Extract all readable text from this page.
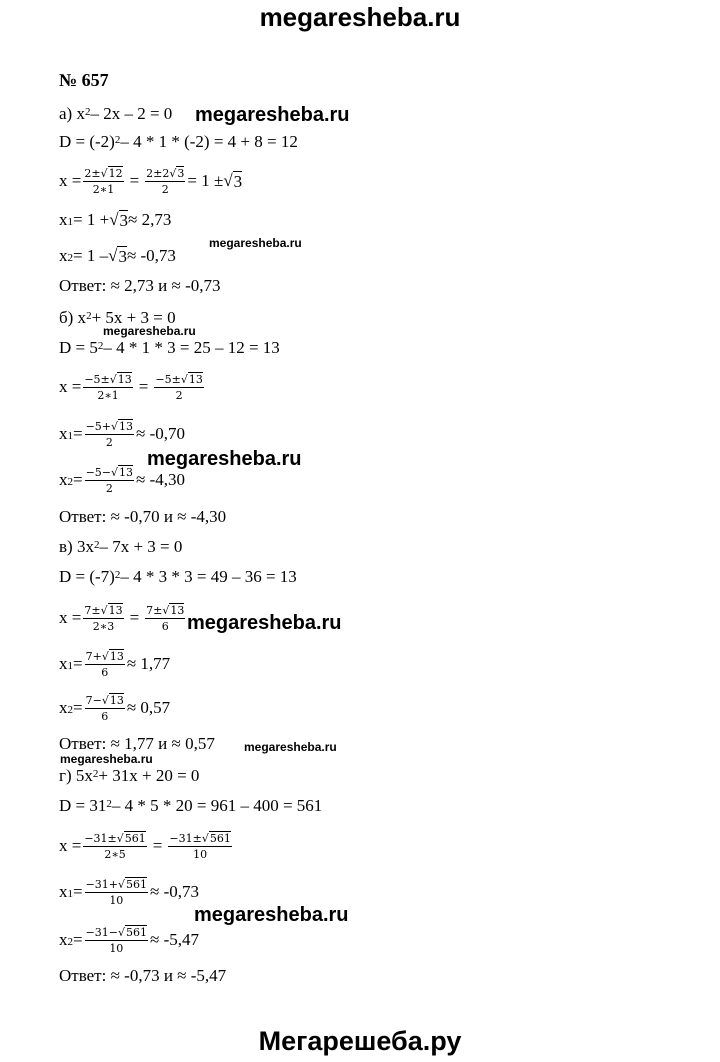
megaresheba.ru
№ 657
а) $x^2 - 2x - 2 = 0$
$D = (-2)^2 - 4 * 1 * (-2) = 4 + 8 = 12$
$x = \frac{2\pm√12}{2∗1} = \frac{2\pm 2√3}{2} = 1$ ± √ 3
$x_1 = 1$ + √ 3 ≈ 2,73
$x_2 = 1$ – √ 3 ≈ -0,73
Ответ: ≈ 2,73 и ≈ -0,73
б) $x^2 + 5x + 3 = 0$
$D = 5^2 - 4 * 1 * 3 = 25 - 12 = 13$
$x = \frac{-5\pm√13}{2∗1} = \frac{-5\pm√13}{2}$
$x_1 = \frac{-5+√13}{2} \approx -0,70$
$x_2 = \frac{-5-√13}{2} \approx -4,30$
Ответ: ≈ -0,70 и ≈ -4,30
в) $3x^2 - 7x + 3 = 0$
$D = (-7)^2 - 4 * 3 * 3 = 49 - 36 = 13$
$x = \frac{7\pm√13}{2∗3} = \frac{7\pm√13}{6}$
$x_1 = \frac{7+√13}{6} \approx 1,77$
$x_2 = \frac{7-√13}{6} \approx 0,57$
Ответ: ≈ 1,77 и ≈ 0,57
г) $5x^2 + 31x + 20 = 0$
$D = 31^2 - 4 * 5 * 20 = 961 - 400 = 561$
$x = \frac{-31\pm√561}{2∗5} = \frac{-31\pm√561}{10}$
$x_1 = \frac{-31+√561}{10} \approx -0,73$
$x_2 = \frac{-31-√561}{10} \approx -5,47$
Ответ: ≈ -0,73 и ≈ -5,47
megaresheba.ru
megaresheba.ru
megaresheba.ru
megaresheba.ru
megaresheba.ru
megaresheba.ru
megaresheba.ru
megaresheba.ru
Мегарешеба.ру
